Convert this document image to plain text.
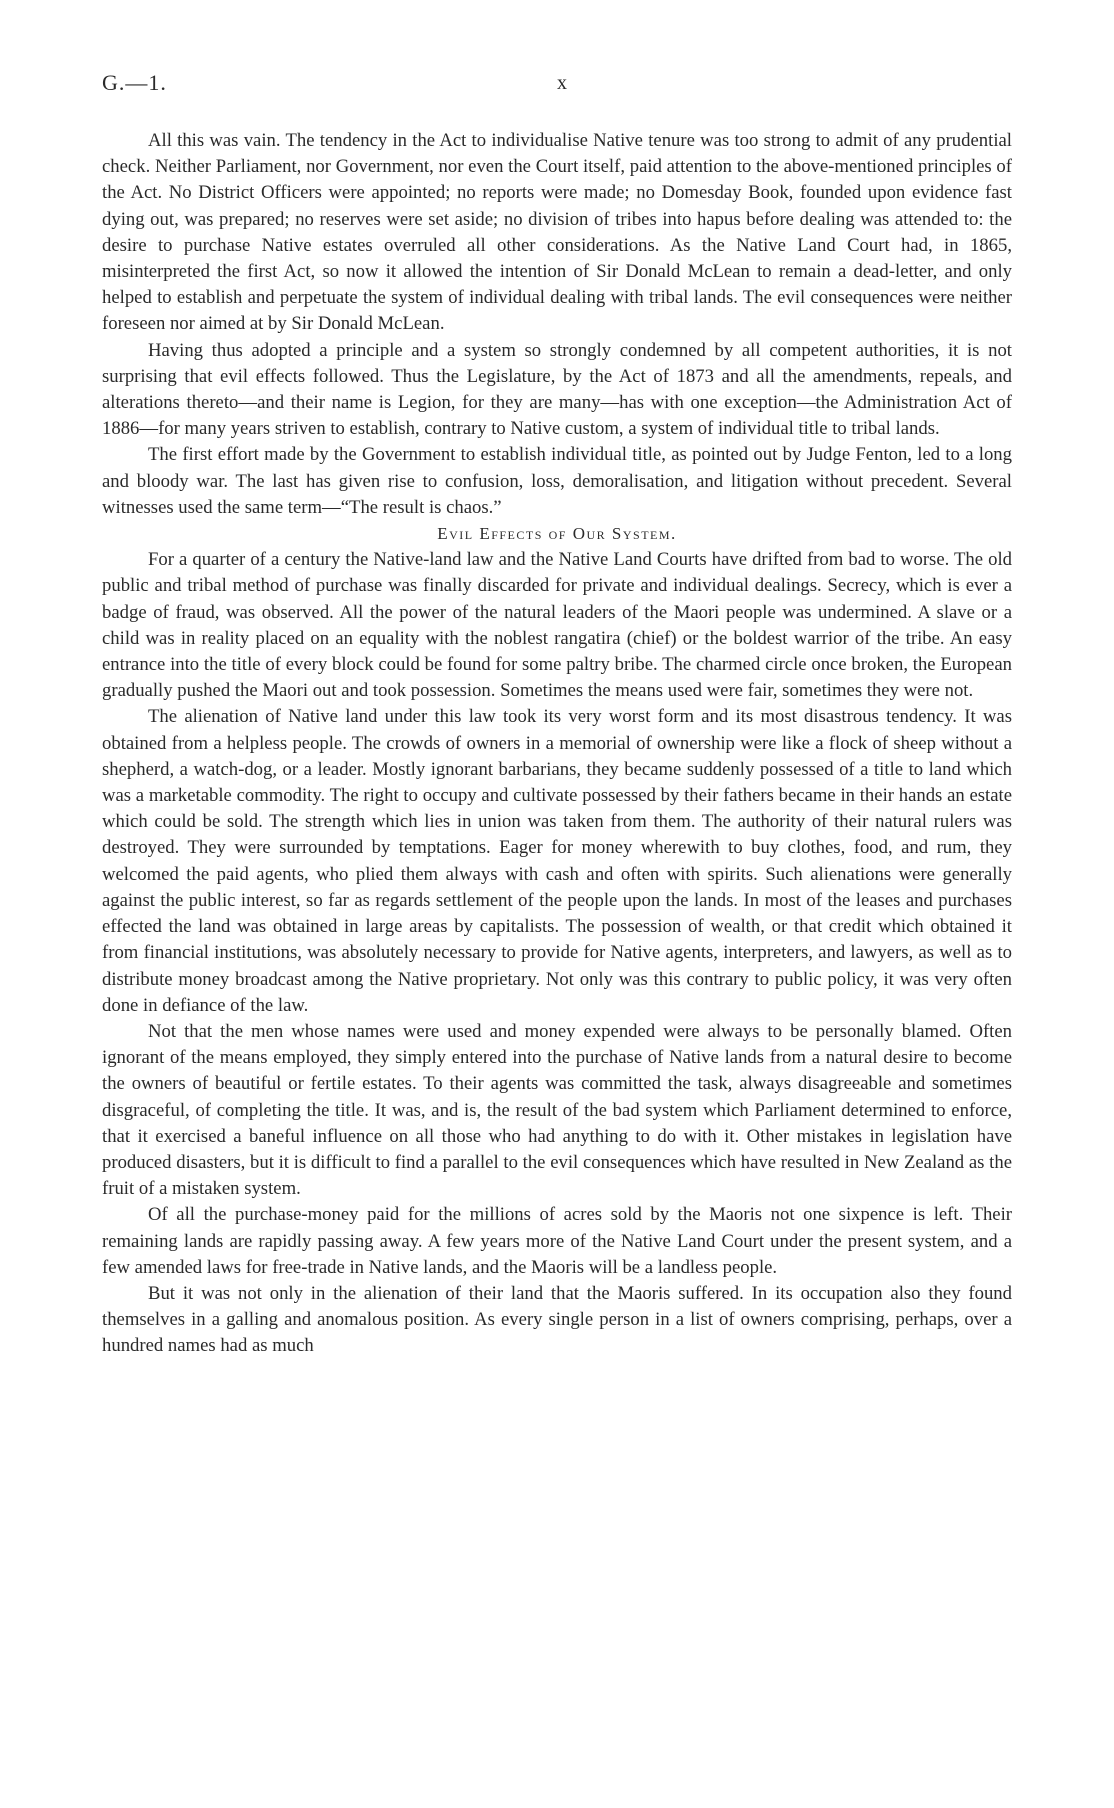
G.—1.	x

All this was vain. The tendency in the Act to individualise Native tenure was too strong to admit of any prudential check. Neither Parliament, nor Government, nor even the Court itself, paid attention to the above-mentioned principles of the Act. No District Officers were appointed; no reports were made; no Domesday Book, founded upon evidence fast dying out, was prepared; no reserves were set aside; no division of tribes into hapus before dealing was attended to: the desire to purchase Native estates overruled all other considerations. As the Native Land Court had, in 1865, misinterpreted the first Act, so now it allowed the intention of Sir Donald McLean to remain a dead-letter, and only helped to establish and perpetuate the system of individual dealing with tribal lands. The evil consequences were neither foreseen nor aimed at by Sir Donald McLean.

Having thus adopted a principle and a system so strongly condemned by all competent authorities, it is not surprising that evil effects followed. Thus the Legislature, by the Act of 1873 and all the amendments, repeals, and alterations thereto—and their name is Legion, for they are many—has with one exception—the Administration Act of 1886—for many years striven to establish, contrary to Native custom, a system of individual title to tribal lands.

The first effort made by the Government to establish individual title, as pointed out by Judge Fenton, led to a long and bloody war. The last has given rise to confusion, loss, demoralisation, and litigation without precedent. Several witnesses used the same term—“The result is chaos.”

Evil Effects of Our System.

For a quarter of a century the Native-land law and the Native Land Courts have drifted from bad to worse. The old public and tribal method of purchase was finally discarded for private and individual dealings. Secrecy, which is ever a badge of fraud, was observed. All the power of the natural leaders of the Maori people was undermined. A slave or a child was in reality placed on an equality with the noblest rangatira (chief) or the boldest warrior of the tribe. An easy entrance into the title of every block could be found for some paltry bribe. The charmed circle once broken, the European gradually pushed the Maori out and took possession. Sometimes the means used were fair, sometimes they were not.

The alienation of Native land under this law took its very worst form and its most disastrous tendency. It was obtained from a helpless people. The crowds of owners in a memorial of ownership were like a flock of sheep without a shepherd, a watch-dog, or a leader. Mostly ignorant barbarians, they became suddenly possessed of a title to land which was a marketable commodity. The right to occupy and cultivate possessed by their fathers became in their hands an estate which could be sold. The strength which lies in union was taken from them. The authority of their natural rulers was destroyed. They were surrounded by temptations. Eager for money wherewith to buy clothes, food, and rum, they welcomed the paid agents, who plied them always with cash and often with spirits. Such alienations were generally against the public interest, so far as regards settlement of the people upon the lands. In most of the leases and purchases effected the land was obtained in large areas by capitalists. The possession of wealth, or that credit which obtained it from financial institutions, was absolutely necessary to provide for Native agents, interpreters, and lawyers, as well as to distribute money broadcast among the Native proprietary. Not only was this contrary to public policy, it was very often done in defiance of the law.

Not that the men whose names were used and money expended were always to be personally blamed. Often ignorant of the means employed, they simply entered into the purchase of Native lands from a natural desire to become the owners of beautiful or fertile estates. To their agents was committed the task, always disagreeable and sometimes disgraceful, of completing the title. It was, and is, the result of the bad system which Parliament determined to enforce, that it exercised a baneful influence on all those who had anything to do with it. Other mistakes in legislation have produced disasters, but it is difficult to find a parallel to the evil consequences which have resulted in New Zealand as the fruit of a mistaken system.

Of all the purchase-money paid for the millions of acres sold by the Maoris not one sixpence is left. Their remaining lands are rapidly passing away. A few years more of the Native Land Court under the present system, and a few amended laws for free-trade in Native lands, and the Maoris will be a landless people.

But it was not only in the alienation of their land that the Maoris suffered. In its occupation also they found themselves in a galling and anomalous position. As every single person in a list of owners comprising, perhaps, over a hundred names had as much
